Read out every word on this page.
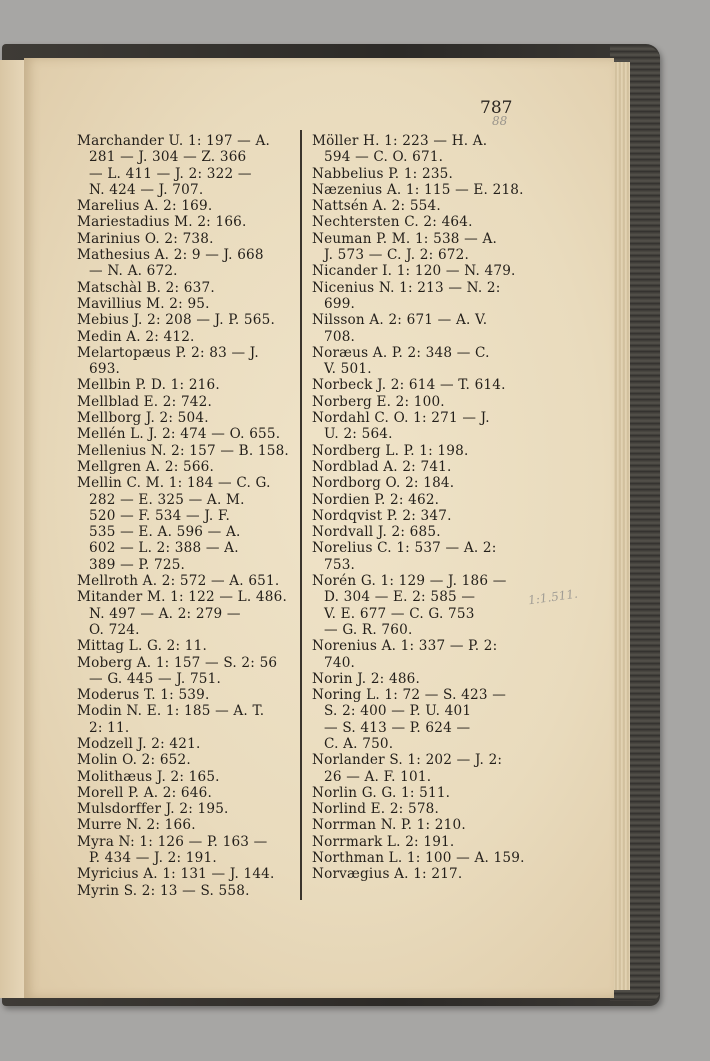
787
88
Marchander U. 1: 197 — A.
281 — J. 304 — Z. 366
— L. 411 — J. 2: 322 —
N. 424 — J. 707.
Marelius A. 2: 169.
Mariestadius M. 2: 166.
Marinius O. 2: 738.
Mathesius A. 2: 9 — J. 668
— N. A. 672.
Matschàl B. 2: 637.
Mavillius M. 2: 95.
Mebius J. 2: 208 — J. P. 565.
Medin A. 2: 412.
Melartopæus P. 2: 83 — J.
693.
Mellbin P. D. 1: 216.
Mellblad E. 2: 742.
Mellborg J. 2: 504.
Mellén L. J. 2: 474 — O. 655.
Mellenius N. 2: 157 — B. 158.
Mellgren A. 2: 566.
Mellin C. M. 1: 184 — C. G.
282 — E. 325 — A. M.
520 — F. 534 — J. F.
535 — E. A. 596 — A.
602 — L. 2: 388 — A.
389 — P. 725.
Mellroth A. 2: 572 — A. 651.
Mitander M. 1: 122 — L. 486.
N. 497 — A. 2: 279 —
O. 724.
Mittag L. G. 2: 11.
Moberg A. 1: 157 — S. 2: 56
— G. 445 — J. 751.
Moderus T. 1: 539.
Modin N. E. 1: 185 — A. T.
2: 11.
Modzell J. 2: 421.
Molin O. 2: 652.
Molithæus J. 2: 165.
Morell P. A. 2: 646.
Mulsdorffer J. 2: 195.
Murre N. 2: 166.
Myra N: 1: 126 — P. 163 —
P. 434 — J. 2: 191.
Myricius A. 1: 131 — J. 144.
Myrin S. 2: 13 — S. 558.
Möller H. 1: 223 — H. A.
594 — C. O. 671.
Nabbelius P. 1: 235.
Næzenius A. 1: 115 — E. 218.
Nattsén A. 2: 554.
Nechtersten C. 2: 464.
Neuman P. M. 1: 538 — A.
J. 573 — C. J. 2: 672.
Nicander I. 1: 120 — N. 479.
Nicenius N. 1: 213 — N. 2:
699.
Nilsson A. 2: 671 — A. V.
708.
Noræus A. P. 2: 348 — C.
V. 501.
Norbeck J. 2: 614 — T. 614.
Norberg E. 2: 100.
Nordahl C. O. 1: 271 — J.
U. 2: 564.
Nordberg L. P. 1: 198.
Nordblad A. 2: 741.
Nordborg O. 2: 184.
Nordien P. 2: 462.
Nordqvist P. 2: 347.
Nordvall J. 2: 685.
Norelius C. 1: 537 — A. 2:
753.
Norén G. 1: 129 — J. 186 —
D. 304 — E. 2: 585 —
V. E. 677 — C. G. 753
— G. R. 760.
Norenius A. 1: 337 — P. 2:
740.
Norin J. 2: 486.
Noring L. 1: 72 — S. 423 —
S. 2: 400 — P. U. 401
— S. 413 — P. 624 —
C. A. 750.
Norlander S. 1: 202 — J. 2:
26 — A. F. 101.
Norlin G. G. 1: 511.
Norlind E. 2: 578.
Norrman N. P. 1: 210.
Norrmark L. 2: 191.
Northman L. 1: 100 — A. 159.
Norvægius A. 1: 217.
1:1.511.
